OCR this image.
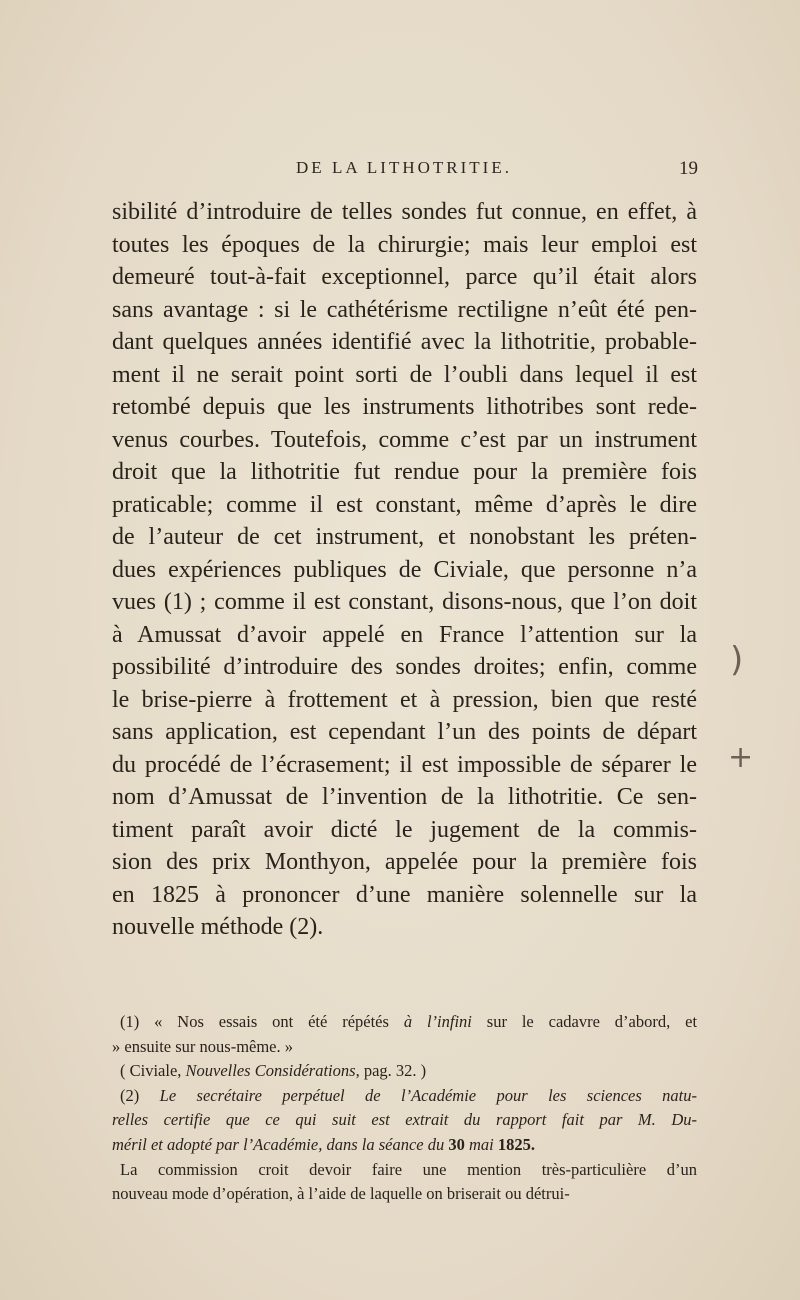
DE LA LITHOTRITIE.	19
sibilité d’introduire de telles sondes fut connue, en effet, à
toutes les époques de la chirurgie; mais leur emploi est
demeuré tout-à-fait exceptionnel, parce qu’il était alors
sans avantage : si le cathétérisme rectiligne n’eût été pen-
dant quelques années identifié avec la lithotritie, probable-
ment il ne serait point sorti de l’oubli dans lequel il est
retombé depuis que les instruments lithotribes sont rede-
venus courbes. Toutefois, comme c’est par un instrument
droit que la lithotritie fut rendue pour la première fois
praticable; comme il est constant, même d’après le dire
de l’auteur de cet instrument, et nonobstant les préten-
dues expériences publiques de Civiale, que personne n’a
vues (1) ; comme il est constant, disons-nous, que l’on doit
à Amussat d’avoir appelé en France l’attention sur la
possibilité d’introduire des sondes droites; enfin, comme
le brise-pierre à frottement et à pression, bien que resté
sans application, est cependant l’un des points de départ
du procédé de l’écrasement; il est impossible de séparer le
nom d’Amussat de l’invention de la lithotritie. Ce sen-
timent paraît avoir dicté le jugement de la commis-
sion des prix Monthyon, appelée pour la première fois
en 1825 à prononcer d’une manière solennelle sur la
nouvelle méthode (2).
(1) « Nos essais ont été répétés à l’infini sur le cadavre d’abord, et
» ensuite sur nous-même. »
( Civiale, Nouvelles Considérations, pag. 32. )
(2) Le secrétaire perpétuel de l’Académie pour les sciences natu-
relles certifie que ce qui suit est extrait du rapport fait par M. Du-
méril et adopté par l’Académie, dans la séance du 30 mai 1825.
La commission croit devoir faire une mention très-particulière d’un
nouveau mode d’opération, à l’aide de laquelle on briserait ou détrui-
)
+
